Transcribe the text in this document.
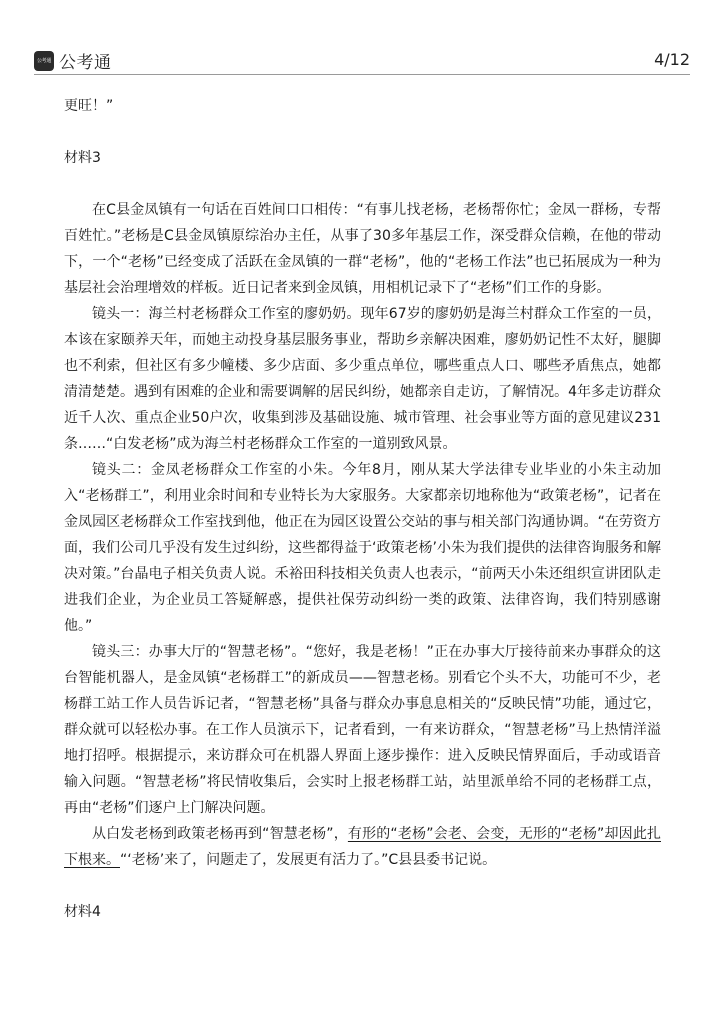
公考通 公考通	4/12

更旺！”

材料3

在C县金凤镇有一句话在百姓间口口相传：“有事儿找老杨，老杨帮你忙；金凤一群杨，专帮百姓忙。”老杨是C县金凤镇原综治办主任，从事了30多年基层工作，深受群众信赖，在他的带动下，一个“老杨”已经变成了活跃在金凤镇的一群“老杨”，他的“老杨工作法”也已拓展成为一种为基层社会治理增效的样板。近日记者来到金凤镇，用相机记录下了“老杨”们工作的身影。

镜头一：海兰村老杨群众工作室的廖奶奶。现年67岁的廖奶奶是海兰村群众工作室的一员，本该在家颐养天年，而她主动投身基层服务事业，帮助乡亲解决困难，廖奶奶记性不太好，腿脚也不利索，但社区有多少幢楼、多少店面、多少重点单位，哪些重点人口、哪些矛盾焦点，她都清清楚楚。遇到有困难的企业和需要调解的居民纠纷，她都亲自走访，了解情况。4年多走访群众近千人次、重点企业50户次，收集到涉及基础设施、城市管理、社会事业等方面的意见建议231条……“白发老杨”成为海兰村老杨群众工作室的一道别致风景。

镜头二：金凤老杨群众工作室的小朱。今年8月，刚从某大学法律专业毕业的小朱主动加入“老杨群工”，利用业余时间和专业特长为大家服务。大家都亲切地称他为“政策老杨”，记者在金凤园区老杨群众工作室找到他，他正在为园区设置公交站的事与相关部门沟通协调。“在劳资方面，我们公司几乎没有发生过纠纷，这些都得益于‘政策老杨’小朱为我们提供的法律咨询服务和解决对策。”台晶电子相关负责人说。禾裕田科技相关负责人也表示，“前两天小朱还组织宣讲团队走进我们企业，为企业员工答疑解惑，提供社保劳动纠纷一类的政策、法律咨询，我们特别感谢他。”

镜头三：办事大厅的“智慧老杨”。“您好，我是老杨！”正在办事大厅接待前来办事群众的这台智能机器人，是金凤镇“老杨群工”的新成员——智慧老杨。别看它个头不大，功能可不少，老杨群工站工作人员告诉记者，“智慧老杨”具备与群众办事息息相关的“反映民情”功能，通过它，群众就可以轻松办事。在工作人员演示下，记者看到，一有来访群众，“智慧老杨”马上热情洋溢地打招呼。根据提示，来访群众可在机器人界面上逐步操作：进入反映民情界面后，手动或语音输入问题。“智慧老杨”将民情收集后，会实时上报老杨群工站，站里派单给不同的老杨群工点，再由“老杨”们逐户上门解决问题。

从白发老杨到政策老杨再到“智慧老杨”，有形的“老杨”会老、会变，无形的“老杨”却因此扎下根来。“‘老杨’来了，问题走了，发展更有活力了。”C县县委书记说。

材料4
